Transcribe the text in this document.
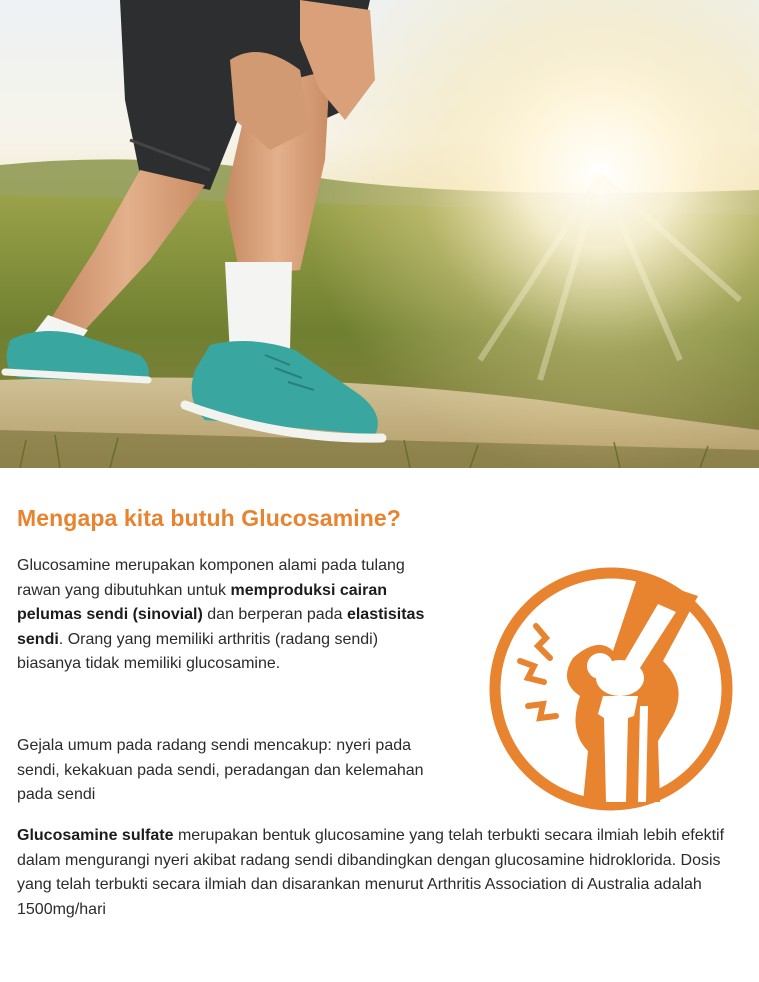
Mengapa kita butuh Glucosamine?

Glucosamine merupakan komponen alami pada tulang rawan yang dibutuhkan untuk memproduksi cairan pelumas sendi (sinovial) dan berperan pada elastisitas sendi. Orang yang memiliki arthritis (radang sendi) biasanya tidak memiliki glucosamine.

Gejala umum pada radang sendi mencakup: nyeri pada sendi, kekakuan pada sendi, peradangan dan kelemahan pada sendi

Glucosamine sulfate merupakan bentuk glucosamine yang telah terbukti secara ilmiah lebih efektif dalam mengurangi nyeri akibat radang sendi dibandingkan dengan glucosamine hidroklorida. Dosis yang telah terbukti secara ilmiah dan disarankan menurut Arthritis Association di Australia adalah 1500mg/hari
